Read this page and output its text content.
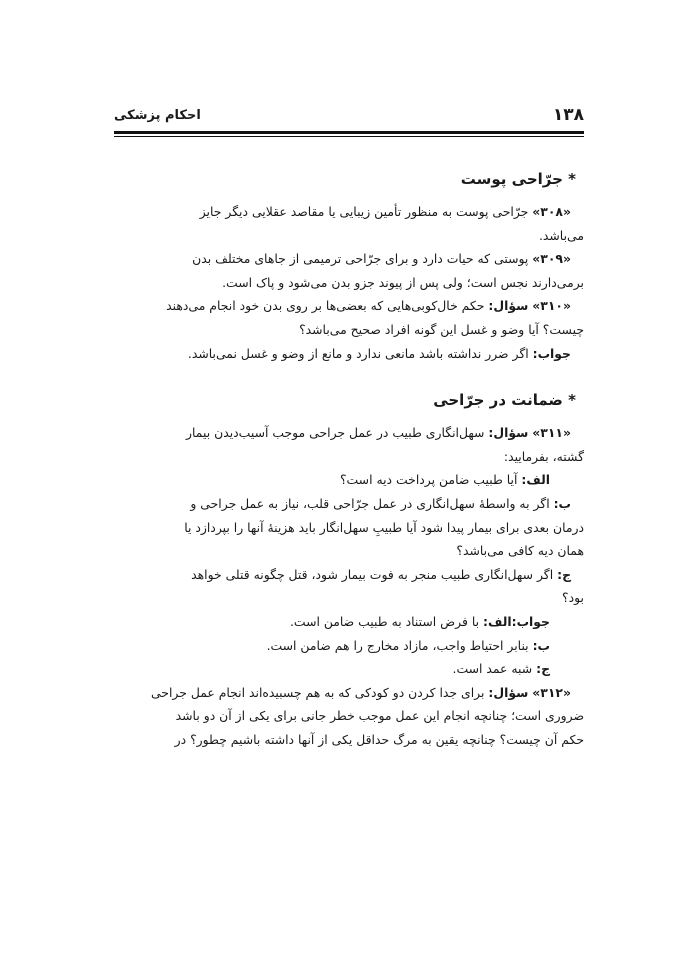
۱۳۸
احکام پزشکی
* جرّاحی پوست

«۳۰۸» جرّاحی پوست به منظور تأمین زیبایی یا مقاصد عقلایی دیگر جایز

می‌باشد.

«۳۰۹» پوستی که حیات دارد و برای جرّاحی ترمیمی از جاهای مختلف بدن

برمی‌دارند نجس است؛ ولی پس از پیوند جزو بدن می‌شود و پاک است.

«۳۱۰» سؤال: حکم خال‌کوبی‌هایی که بعضی‌ها بر روی بدن خود انجام می‌دهند

چیست؟ آیا وضو و غسل این گونه افراد صحیح می‌باشد؟

جواب: اگر ضرر نداشته باشد مانعی ندارد و مانع از وضو و غسل نمی‌باشد.

* ضمانت در جرّاحی

«۳۱۱» سؤال: سهل‌انگاری طبیب در عمل جراحی موجب آسیب‌دیدن بیمار

گشته، بفرمایید:

الف: آیا طبیب ضامن پرداخت دیه است؟

ب: اگر به واسطهٔ سهل‌انگاری در عمل جرّاحی قلب، نیاز به عمل جراحی و

درمان بعدی برای بیمار پیدا شود آیا طبیبِ سهل‌انگار باید هزینهٔ آنها را بپردازد یا

همان دیه کافی می‌باشد؟

ج: اگر سهل‌انگاری طبیب منجر به فوت بیمار شود، قتل چگونه قتلی خواهد

بود؟

جواب:الف: با فرض استناد به طبیب ضامن است.

ب: بنابر احتیاط واجب، مازاد مخارج را هم ضامن است.

ج: شبه عمد است.

«۳۱۲» سؤال: برای جدا کردن دو کودکی که به هم چسبیده‌اند انجام عمل جراحی

ضروری است؛ چنانچه انجام این عمل موجب خطر جانی برای یکی از آن دو باشد

حکم آن چیست؟ چنانچه یقین به مرگ حداقل یکی از آنها داشته باشیم چطور؟ در
